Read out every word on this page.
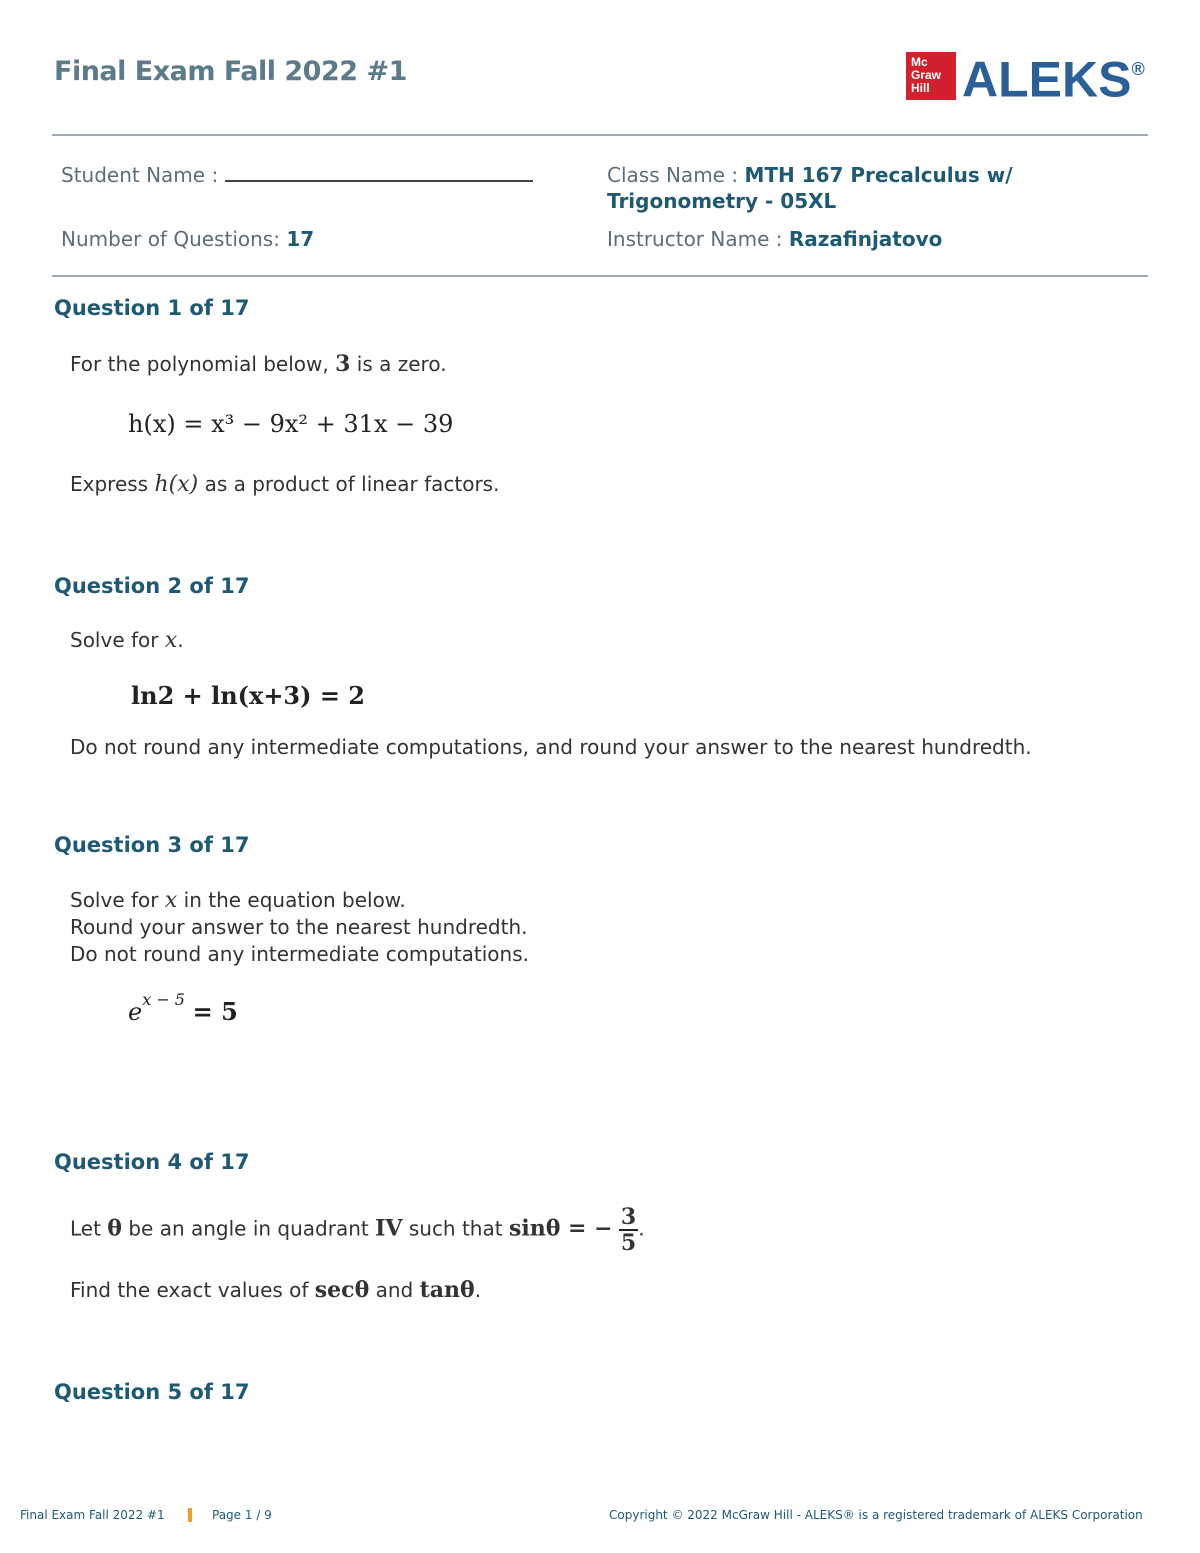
Final Exam Fall 2022 #1	Mc
Graw
Hill ALEKS®
Student Name :	Class Name : MTH 167 Precalculus w/
Trigonometry - 05XL
Number of Questions: 17	Instructor Name : Razafinjatovo
Question 1 of 17
For the polynomial below, 3 is a zero.
h(x) = x³ − 9x² + 31x − 39
Express h(x) as a product of linear factors.
Question 2 of 17
Solve for x.
ln2 + ln(x+3) = 2
Do not round any intermediate computations, and round your answer to the nearest hundredth.
Question 3 of 17
Solve for x in the equation below.
Round your answer to the nearest hundredth.
Do not round any intermediate computations.
$e^{x - 5} = 5$
Question 4 of 17
Let θ be an angle in quadrant IV such that sinθ = − $\frac{3}{5}$ .
Find the exact values of secθ and tanθ.
Question 5 of 17
Final Exam Fall 2022 #1	Page 1 / 9	Copyright © 2022 McGraw Hill - ALEKS® is a registered trademark of ALEKS Corporation
